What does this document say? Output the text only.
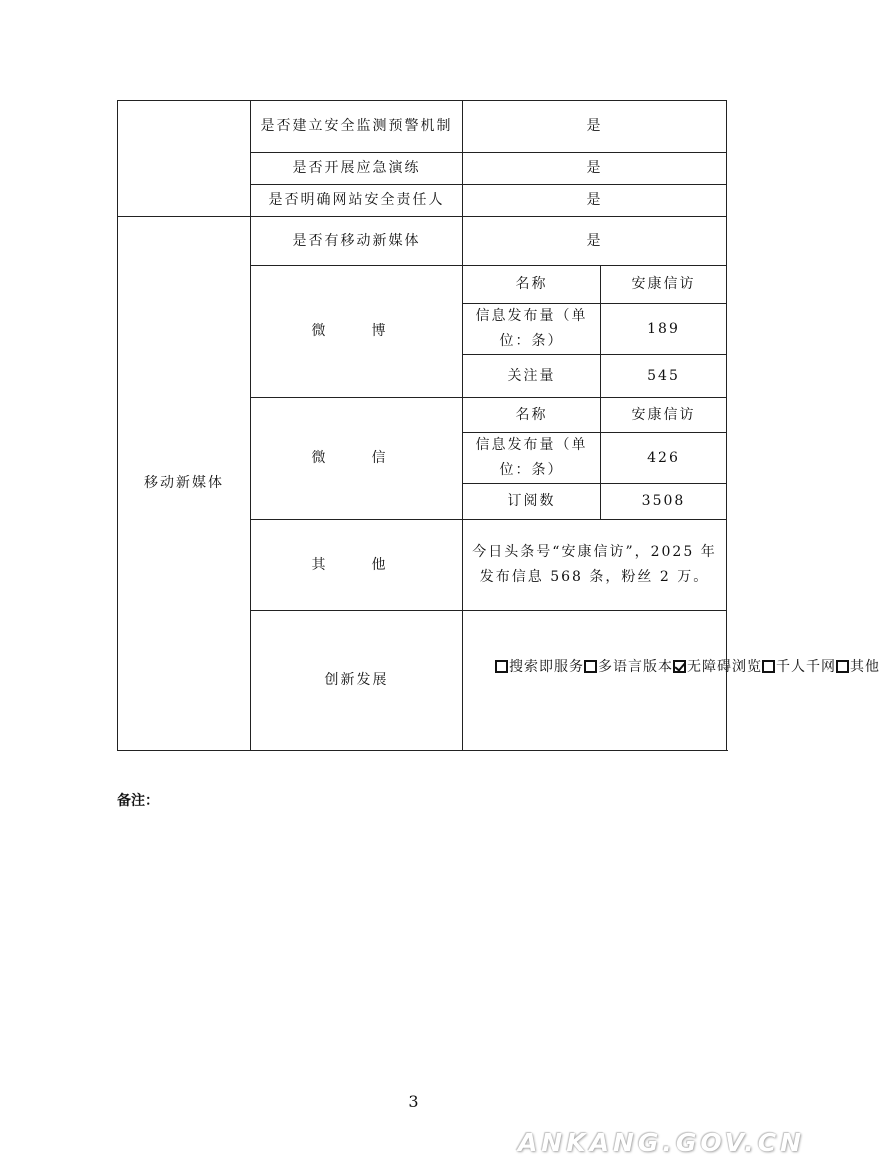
	是否建立安全监测预警机制	是	
	是否开展应急演练	是	
	是否明确网站安全责任人	是	
移动新媒体	是否有移动新媒体	是	
	微　博	名称	安康信访
		信息发布量（单位：条）	189
		关注量	545
	微　信	名称	安康信访
		信息发布量（单位：条）	426
		订阅数	3508
	其　他	今日头条号“安康信访”，2025 年发布信息 568 条，粉丝 2 万。	
	创新发展	搜索即服务 多语言版本 无障碍浏览 千人千网 其他	
备注：
3
ANKANG.GOV.CN
